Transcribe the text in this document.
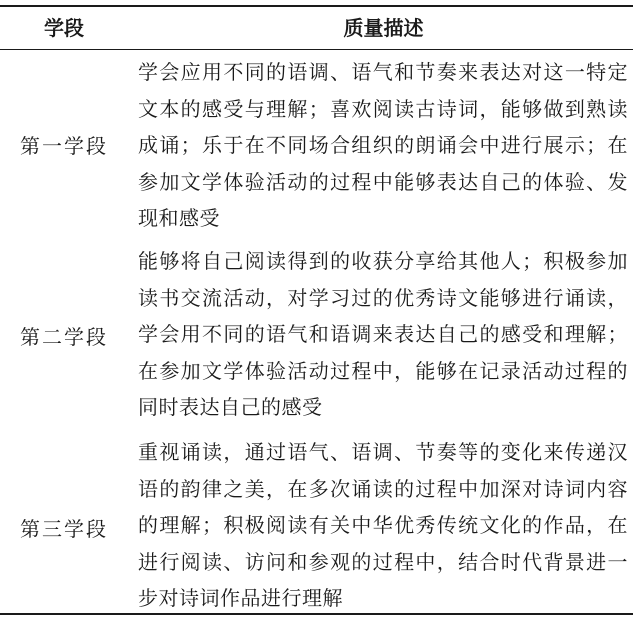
学段	质量描述
第一学段
学会应用不同的语调、语气和节奏来表达对这一特定文本的感受与理解；喜欢阅读古诗词，能够做到熟读成诵；乐于在不同场合组织的朗诵会中进行展示；在参加文学体验活动的过程中能够表达自己的体验、发现和感受
第二学段
能够将自己阅读得到的收获分享给其他人；积极参加读书交流活动，对学习过的优秀诗文能够进行诵读，学会用不同的语气和语调来表达自己的感受和理解；在参加文学体验活动过程中，能够在记录活动过程的同时表达自己的感受
第三学段
重视诵读，通过语气、语调、节奏等的变化来传递汉语的韵律之美，在多次诵读的过程中加深对诗词内容的理解；积极阅读有关中华优秀传统文化的作品，在进行阅读、访问和参观的过程中，结合时代背景进一步对诗词作品进行理解
